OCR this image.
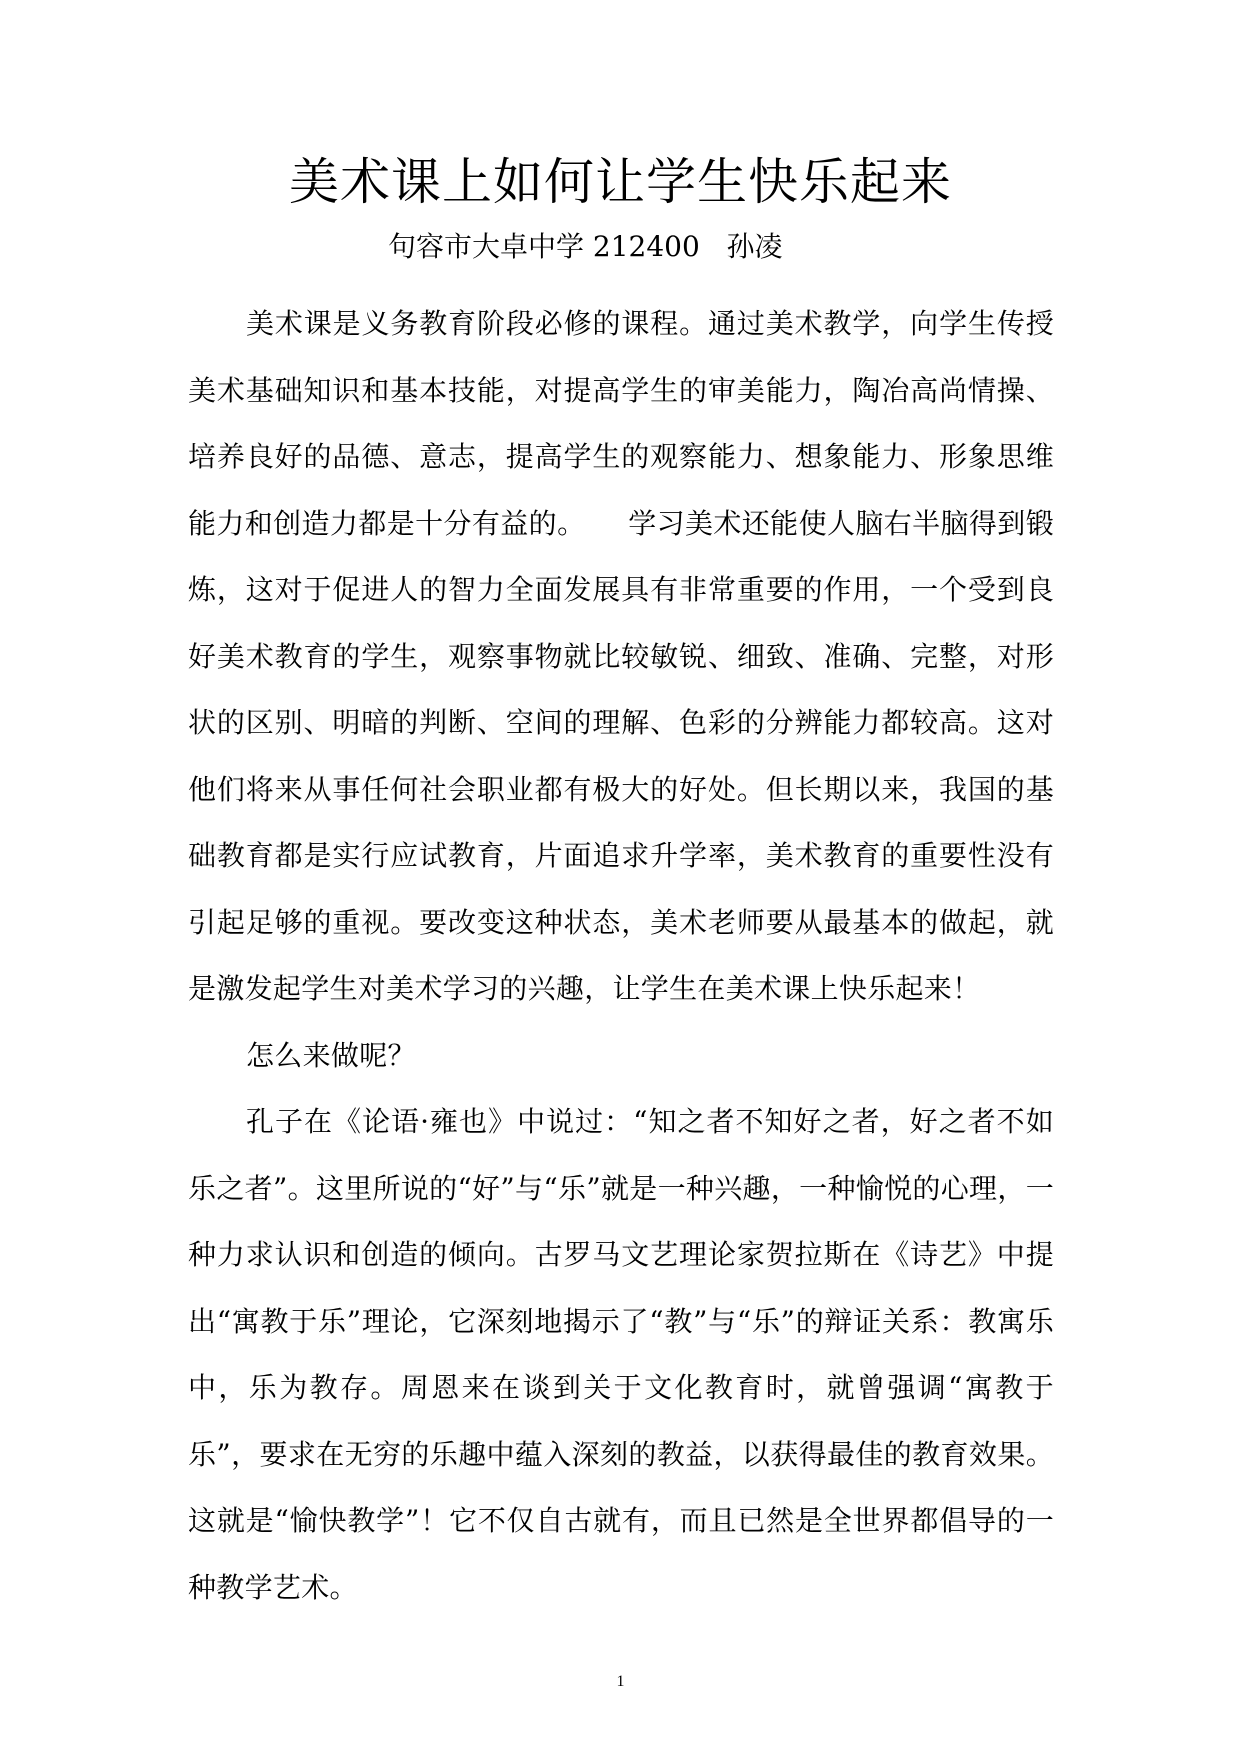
美术课上如何让学生快乐起来
句容市大卓中学 212400   孙凌

美术课是义务教育阶段必修的课程。通过美术教学，向学生传授美术基础知识和基本技能，对提高学生的审美能力，陶冶高尚情操、培养良好的品德、意志，提高学生的观察能力、想象能力、形象思维能力和创造力都是十分有益的。　　学习美术还能使人脑右半脑得到锻炼，这对于促进人的智力全面发展具有非常重要的作用，一个受到良好美术教育的学生，观察事物就比较敏锐、细致、准确、完整，对形状的区别、明暗的判断、空间的理解、色彩的分辨能力都较高。这对他们将来从事任何社会职业都有极大的好处。但长期以来，我国的基础教育都是实行应试教育，片面追求升学率，美术教育的重要性没有引起足够的重视。要改变这种状态，美术老师要从最基本的做起，就是激发起学生对美术学习的兴趣，让学生在美术课上快乐起来！

怎么来做呢？

孔子在《论语·雍也》中说过：“知之者不知好之者，好之者不如乐之者”。这里所说的“好”与“乐”就是一种兴趣，一种愉悦的心理，一种力求认识和创造的倾向。古罗马文艺理论家贺拉斯在《诗艺》中提出“寓教于乐”理论，它深刻地揭示了“教”与“乐”的辩证关系：教寓乐中，乐为教存。周恩来在谈到关于文化教育时，就曾强调“寓教于乐”，要求在无穷的乐趣中蕴入深刻的教益，以获得最佳的教育效果。这就是“愉快教学”！它不仅自古就有，而且已然是全世界都倡导的一种教学艺术。

1
